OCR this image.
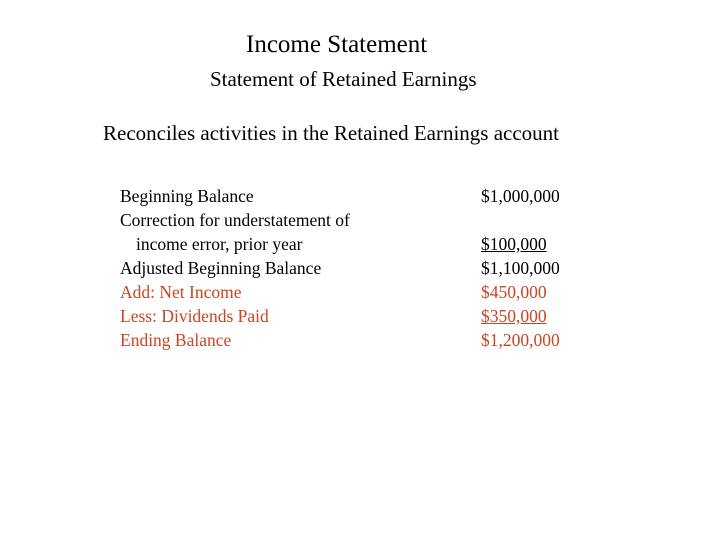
Income Statement
Statement of Retained Earnings
Reconciles activities in the Retained Earnings account
Beginning Balance	$1,000,000
Correction for understatement of
income error, prior year	$100,000
Adjusted Beginning Balance	$1,100,000
Add: Net Income	$450,000
Less: Dividends Paid	$350,000
Ending Balance	$1,200,000
